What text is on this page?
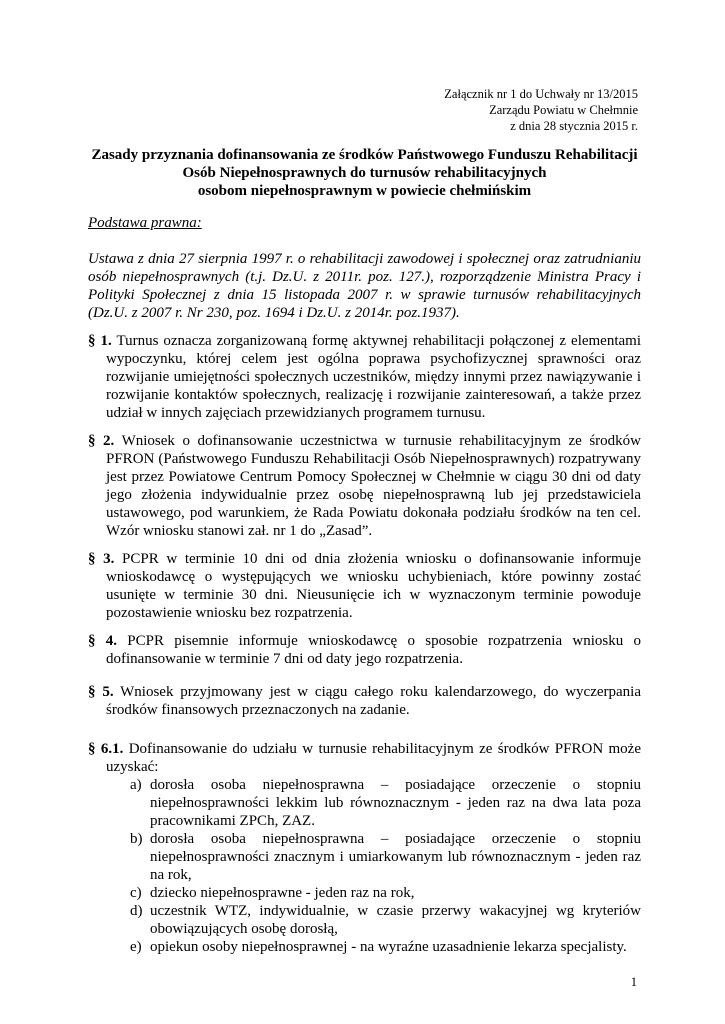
Załącznik nr 1 do Uchwały nr 13/2015
Zarządu Powiatu w Chełmnie
z dnia 28 stycznia 2015 r.
Zasady przyznania dofinansowania ze środków Państwowego Funduszu Rehabilitacji
Osób Niepełnosprawnych do turnusów rehabilitacyjnych
osobom niepełnosprawnym w powiecie chełmińskim
Podstawa prawna:
Ustawa z dnia 27 sierpnia 1997 r. o rehabilitacji zawodowej i społecznej oraz zatrudnianiu osób niepełnosprawnych (t.j. Dz.U. z 2011r. poz. 127.), rozporządzenie Ministra Pracy i Polityki Społecznej z dnia 15 listopada 2007 r. w sprawie turnusów rehabilitacyjnych (Dz.U. z 2007 r. Nr 230, poz. 1694 i Dz.U. z 2014r. poz.1937).
§ 1. Turnus oznacza zorganizowaną formę aktywnej rehabilitacji połączonej z elementami wypoczynku, której celem jest ogólna poprawa psychofizycznej sprawności oraz rozwijanie umiejętności społecznych uczestników, między innymi przez nawiązywanie i rozwijanie kontaktów społecznych, realizację i rozwijanie zainteresowań, a także przez udział w innych zajęciach przewidzianych programem turnusu.
§ 2. Wniosek o dofinansowanie uczestnictwa w turnusie rehabilitacyjnym ze środków PFRON (Państwowego Funduszu Rehabilitacji Osób Niepełnosprawnych) rozpatrywany jest przez Powiatowe Centrum Pomocy Społecznej w Chełmnie w ciągu 30 dni od daty jego złożenia indywidualnie przez osobę niepełnosprawną lub jej przedstawiciela ustawowego, pod warunkiem, że Rada Powiatu dokonała podziału środków na ten cel. Wzór wniosku stanowi zał. nr 1 do „Zasad”.
§ 3. PCPR w terminie 10 dni od dnia złożenia wniosku o dofinansowanie informuje wnioskodawcę o występujących we wniosku uchybieniach, które powinny zostać usunięte w terminie 30 dni. Nieusunięcie ich w wyznaczonym terminie powoduje pozostawienie wniosku bez rozpatrzenia.
§ 4. PCPR pisemnie informuje wnioskodawcę o sposobie rozpatrzenia wniosku o dofinansowanie w terminie 7 dni od daty jego rozpatrzenia.
§ 5. Wniosek przyjmowany jest w ciągu całego roku kalendarzowego, do wyczerpania środków finansowych przeznaczonych na zadanie.
§ 6.1. Dofinansowanie do udziału w turnusie rehabilitacyjnym ze środków PFRON może uzyskać:
a) dorosła osoba niepełnosprawna – posiadające orzeczenie o stopniu niepełnosprawności lekkim lub równoznacznym - jeden raz na dwa lata poza pracownikami ZPCh, ZAZ.
b) dorosła osoba niepełnosprawna – posiadające orzeczenie o stopniu niepełnosprawności znacznym i umiarkowanym lub równoznacznym - jeden raz na rok,
c) dziecko niepełnosprawne - jeden raz na rok,
d) uczestnik WTZ, indywidualnie, w czasie przerwy wakacyjnej wg kryteriów obowiązujących osobę dorosłą,
e) opiekun osoby niepełnosprawnej - na wyraźne uzasadnienie lekarza specjalisty.
1
